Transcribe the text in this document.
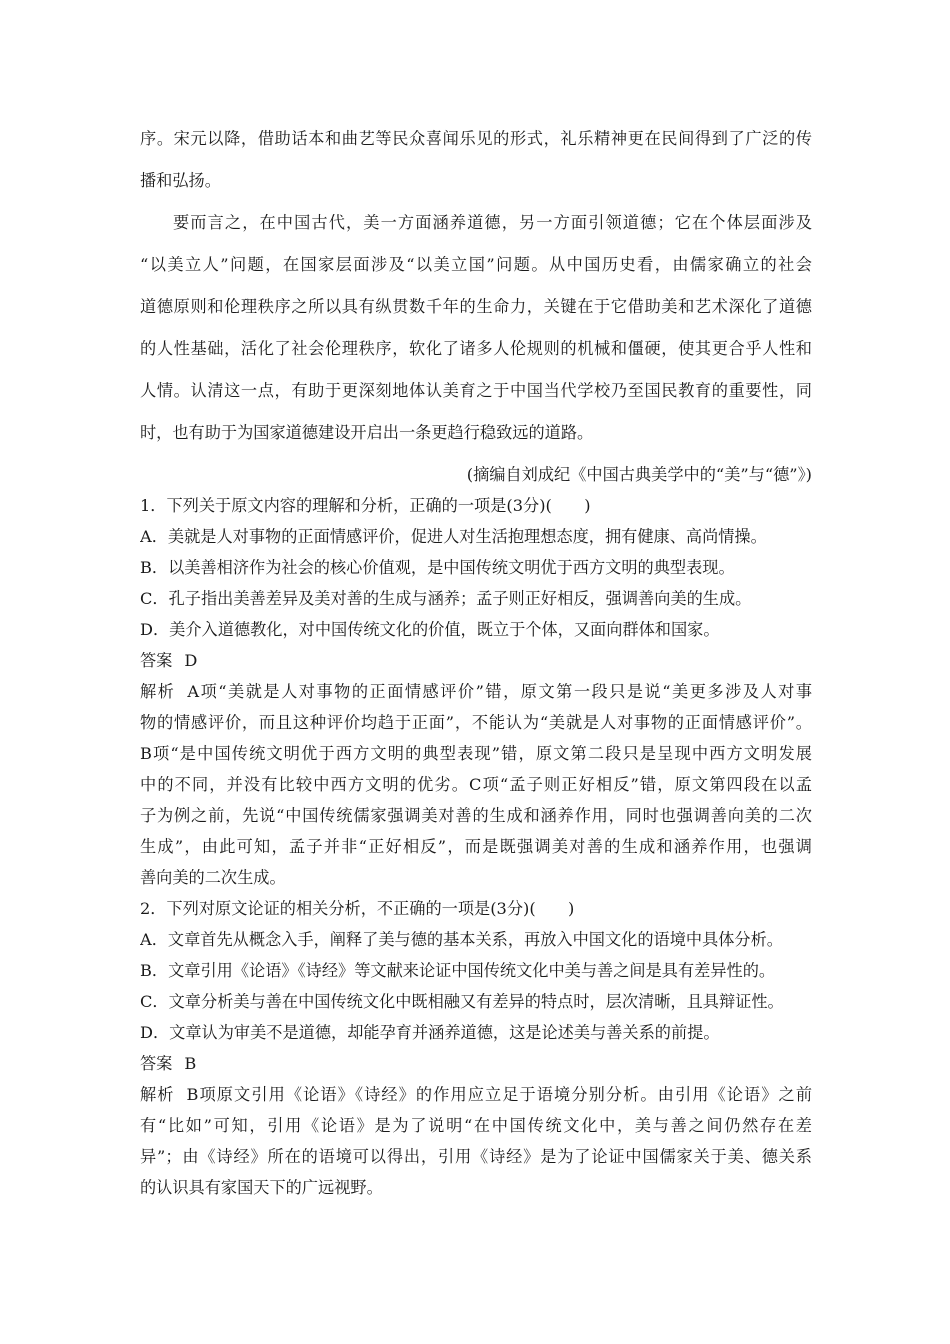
序。宋元以降，借助话本和曲艺等民众喜闻乐见的形式，礼乐精神更在民间得到了广泛的传
播和弘扬。
要而言之，在中国古代，美一方面涵养道德，另一方面引领道德；它在个体层面涉及
“以美立人”问题，在国家层面涉及“以美立国”问题。从中国历史看，由儒家确立的社会
道德原则和伦理秩序之所以具有纵贯数千年的生命力，关键在于它借助美和艺术深化了道德
的人性基础，活化了社会伦理秩序，软化了诸多人伦规则的机械和僵硬，使其更合乎人性和
人情。认清这一点，有助于更深刻地体认美育之于中国当代学校乃至国民教育的重要性，同
时，也有助于为国家道德建设开启出一条更趋行稳致远的道路。
(摘编自刘成纪《中国古典美学中的“美”与“德”》)
1．下列关于原文内容的理解和分析，正确的一项是(3分)(　　)
A．美就是人对事物的正面情感评价，促进人对生活抱理想态度，拥有健康、高尚情操。
B．以美善相济作为社会的核心价值观，是中国传统文明优于西方文明的典型表现。
C．孔子指出美善差异及美对善的生成与涵养；孟子则正好相反，强调善向美的生成。
D．美介入道德教化，对中国传统文化的价值，既立于个体，又面向群体和国家。
答案 D
解析 A项“美就是人对事物的正面情感评价”错，原文第一段只是说“美更多涉及人对事
物的情感评价，而且这种评价均趋于正面”，不能认为“美就是人对事物的正面情感评价”。
B项“是中国传统文明优于西方文明的典型表现”错，原文第二段只是呈现中西方文明发展
中的不同，并没有比较中西方文明的优劣。C项“孟子则正好相反”错，原文第四段在以孟
子为例之前，先说“中国传统儒家强调美对善的生成和涵养作用，同时也强调善向美的二次
生成”，由此可知，孟子并非“正好相反”，而是既强调美对善的生成和涵养作用，也强调
善向美的二次生成。
2．下列对原文论证的相关分析，不正确的一项是(3分)(　　)
A．文章首先从概念入手，阐释了美与德的基本关系，再放入中国文化的语境中具体分析。
B．文章引用《论语》《诗经》等文献来论证中国传统文化中美与善之间是具有差异性的。
C．文章分析美与善在中国传统文化中既相融又有差异的特点时，层次清晰，且具辩证性。
D．文章认为审美不是道德，却能孕育并涵养道德，这是论述美与善关系的前提。
答案 B
解析 B项原文引用《论语》《诗经》的作用应立足于语境分别分析。由引用《论语》之前
有“比如”可知，引用《论语》是为了说明“在中国传统文化中，美与善之间仍然存在差
异”；由《诗经》所在的语境可以得出，引用《诗经》是为了论证中国儒家关于美、德关系
的认识具有家国天下的广远视野。
